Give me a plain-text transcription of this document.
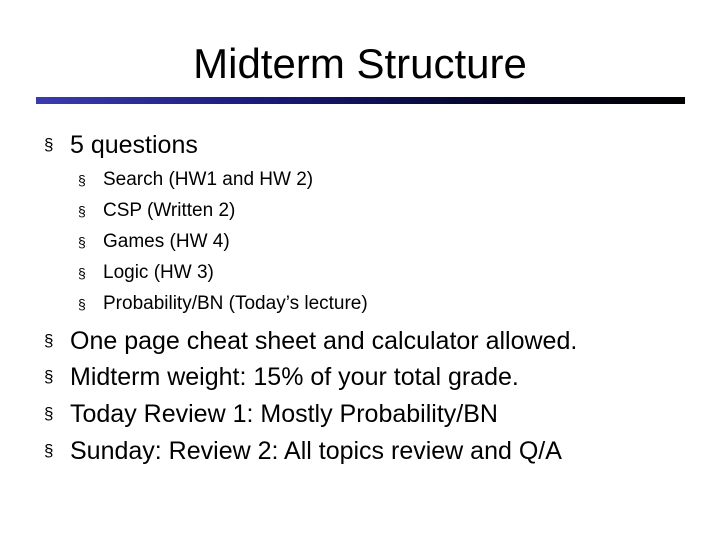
Midterm Structure
§ 5 questions
§ Search (HW1 and HW 2)
§ CSP (Written 2)
§ Games (HW 4)
§ Logic (HW 3)
§ Probability/BN (Today’s lecture)
§ One page cheat sheet and calculator allowed.
§ Midterm weight: 15% of your total grade.
§ Today Review 1: Mostly Probability/BN
§ Sunday: Review 2: All topics review and Q/A
